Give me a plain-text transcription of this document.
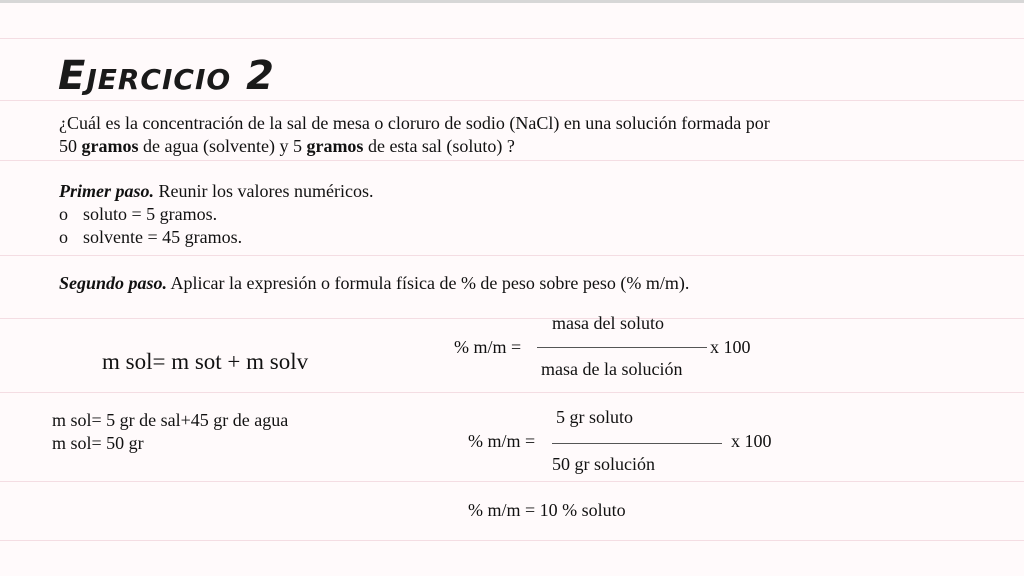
Ejercicio 2
¿Cuál es la concentración de la sal de mesa o cloruro de sodio (NaCl) en una solución formada por
50 gramos de agua (solvente) y 5 gramos de esta sal (soluto) ?
Primer paso. Reunir los valores numéricos.
o soluto = 5 gramos.
o solvente = 45 gramos.
Segundo paso. Aplicar la expresión o formula física de % de peso sobre peso (% m/m).
m sol= m sot + m solv
m sol= 5 gr de sal+45 gr de agua
m sol= 50 gr
masa del soluto
% m/m =	x 100
masa de la solución
5 gr soluto
% m/m =	x 100
50 gr solución
% m/m = 10 % soluto
